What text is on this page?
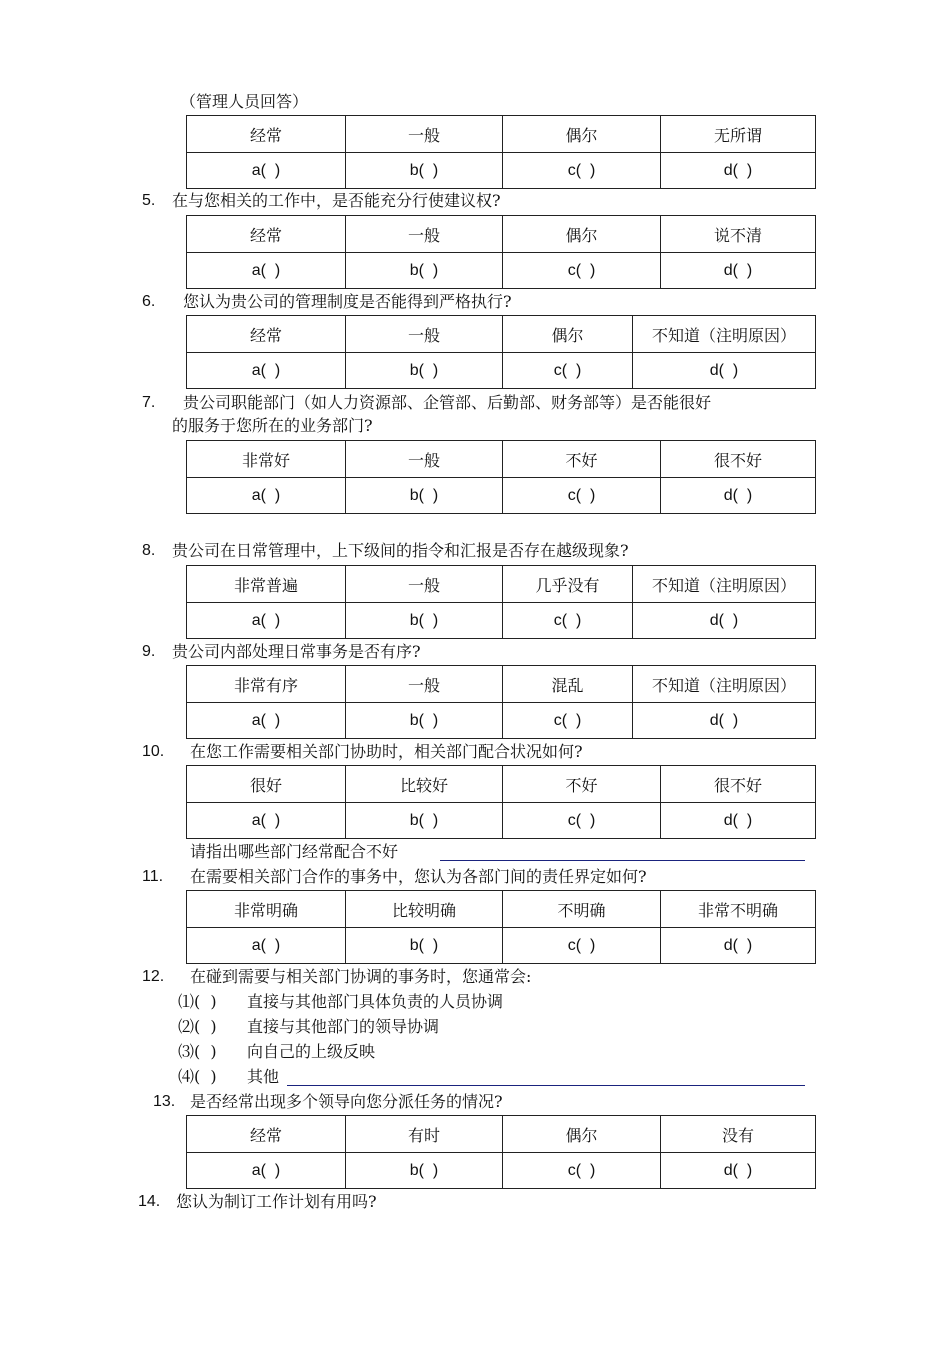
（管理人员回答）
经常	一般	偶尔	无所谓
a(  )	b(  )	c(  )	d(  )
5. 在与您相关的工作中，是否能充分行使建议权?
经常	一般	偶尔	说不清
a(  )	b(  )	c(  )	d(  )
6. 您认为贵公司的管理制度是否能得到严格执行?
经常	一般	偶尔	不知道（注明原因）
a(  )	b(  )	c(  )	d(  )
7. 贵公司职能部门（如人力资源部、企管部、后勤部、财务部等）是否能很好
的服务于您所在的业务部门?
非常好	一般	不好	很不好
a(  )	b(  )	c(  )	d(  )
8. 贵公司在日常管理中，上下级间的指令和汇报是否存在越级现象?
非常普遍	一般	几乎没有	不知道（注明原因）
a(  )	b(  )	c(  )	d(  )
9. 贵公司内部处理日常事务是否有序?
非常有序	一般	混乱	不知道（注明原因）
a(  )	b(  )	c(  )	d(  )
10. 在您工作需要相关部门协助时，相关部门配合状况如何?
很好	比较好	不好	很不好
a(  )	b(  )	c(  )	d(  )
请指出哪些部门经常配合不好
11. 在需要相关部门合作的事务中，您认为各部门间的责任界定如何?
非常明确	比较明确	不明确	非常不明确
a(  )	b(  )	c(  )	d(  )
12. 在碰到需要与相关部门协调的事务时，您通常会:
⑴(  ) 直接与其他部门具体负责的人员协调
⑵(  ) 直接与其他部门的领导协调
⑶(  ) 向自己的上级反映
⑷(  ) 其他
13. 是否经常出现多个领导向您分派任务的情况?
经常	有时	偶尔	没有
a(  )	b(  )	c(  )	d(  )
14. 您认为制订工作计划有用吗?
